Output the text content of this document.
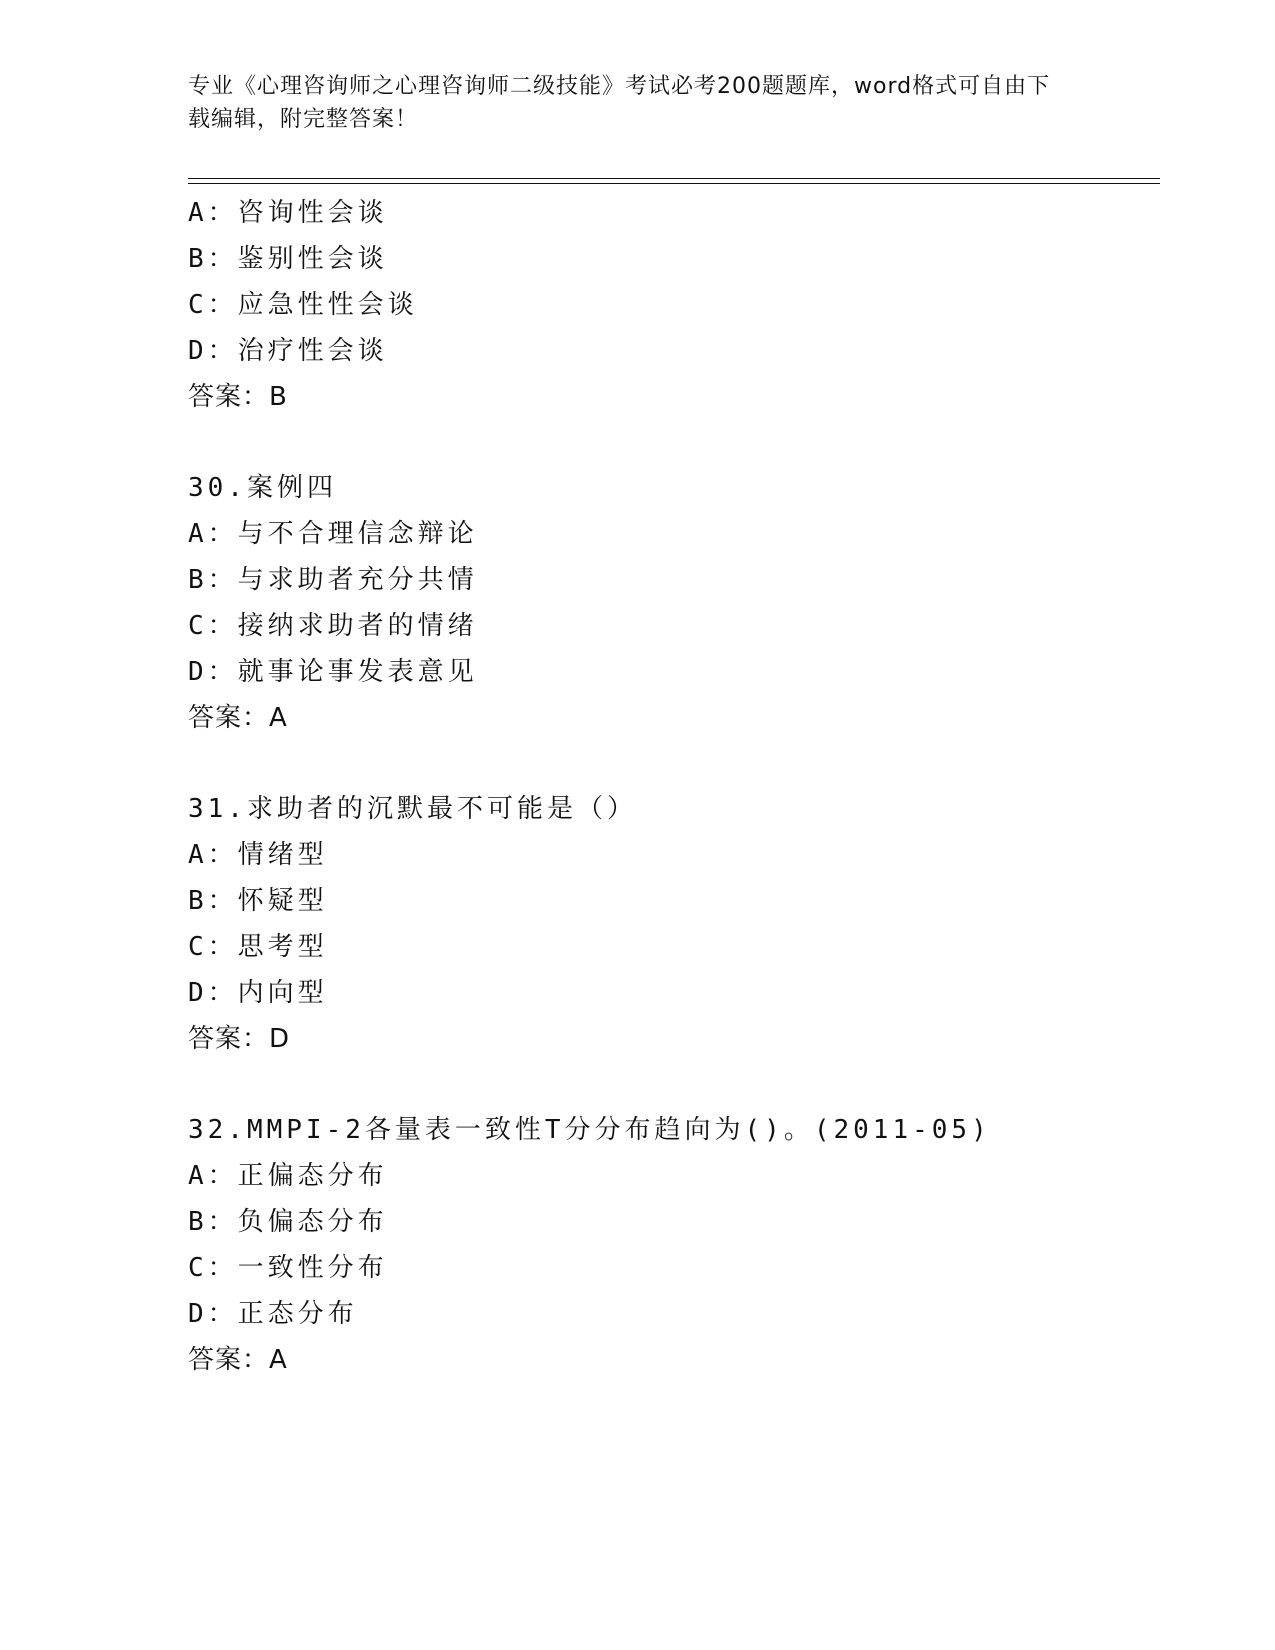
专业《心理咨询师之心理咨询师二级技能》考试必考200题题库，word格式可自由下载编辑，附完整答案！
A：咨询性会谈
B：鉴别性会谈
C：应急性性会谈
D：治疗性会谈
答案：B
30.案例四
A：与不合理信念辩论
B：与求助者充分共情
C：接纳求助者的情绪
D：就事论事发表意见
答案：A
31.求助者的沉默最不可能是（）
A：情绪型
B：怀疑型
C：思考型
D：内向型
答案：D
32.MMPI-2各量表一致性T分分布趋向为()。(2011-05)
A：正偏态分布
B：负偏态分布
C：一致性分布
D：正态分布
答案：A
